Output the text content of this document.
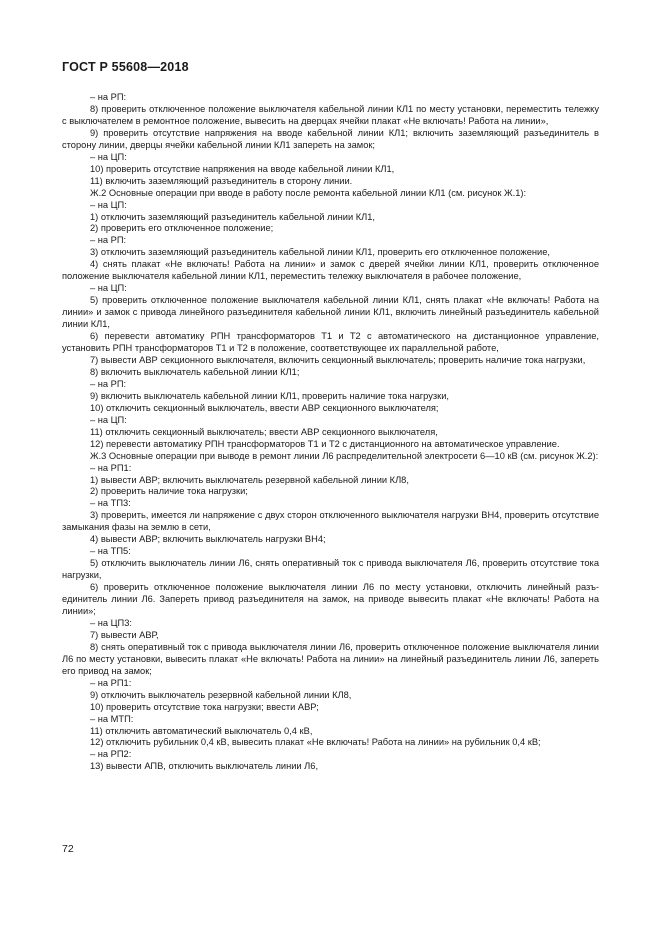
ГОСТ Р 55608—2018

– на РП:

8) проверить отключенное положение выключателя кабельной линии КЛ1 по месту установки, переместить тележку с выключателем в ремонтное положение, вывесить на дверцах ячейки плакат «Не включать! Работа на линии»,

9) проверить отсутствие напряжения на вводе кабельной линии КЛ1; включить заземляющий разъединитель в сторону линии, дверцы ячейки кабельной линии КЛ1 запереть на замок;

– на ЦП:

10) проверить отсутствие напряжения на вводе кабельной линии КЛ1,

11) включить заземляющий разъединитель в сторону линии.

Ж.2 Основные операции при вводе в работу после ремонта кабельной линии КЛ1 (см. рисунок Ж.1):

– на ЦП:

1) отключить заземляющий разъединитель кабельной линии КЛ1,

2) проверить его отключенное положение;

– на РП:

3) отключить заземляющий разъединитель кабельной линии КЛ1, проверить его отключенное положение,

4) снять плакат «Не включать! Работа на линии» и замок с дверей ячейки линии КЛ1, проверить отключенное положение выключателя кабельной линии КЛ1, переместить тележку выключателя в рабочее положение,

– на ЦП:

5) проверить отключенное положение выключателя кабельной линии КЛ1, снять плакат «Не включать! Работа на линии» и замок с привода линейного разъединителя кабельной линии КЛ1, включить линейный разъединитель кабельной линии КЛ1,

6) перевести автоматику РПН трансформаторов Т1 и Т2 с автоматического на дистанционное управление, установить РПН трансформаторов Т1 и Т2 в положение, соответствующее их параллельной работе,

7) вывести АВР секционного выключателя, включить секционный выключатель; проверить наличие тока нагрузки,

8) включить выключатель кабельной линии КЛ1;

– на РП:

9) включить выключатель кабельной линии КЛ1, проверить наличие тока нагрузки,

10) отключить секционный выключатель, ввести АВР секционного выключателя;

– на ЦП:

11) отключить секционный выключатель; ввести АВР секционного выключателя,

12) перевести автоматику РПН трансформаторов Т1 и Т2 с дистанционного на автоматическое управление.

Ж.3 Основные операции при выводе в ремонт линии Л6 распределительной электросети 6—10 кВ (см. рисунок Ж.2):

– на РП1:

1) вывести АВР; включить выключатель резервной кабельной линии КЛ8,

2) проверить наличие тока нагрузки;

– на ТП3:

3) проверить, имеется ли напряжение с двух сторон отключенного выключателя нагрузки ВН4, проверить отсутствие замыкания фазы на землю в сети,

4) вывести АВР; включить выключатель нагрузки ВН4;

– на ТП5:

5) отключить выключатель линии Л6, снять оперативный ток с привода выключателя Л6, проверить отсутствие тока нагрузки,

6) проверить отключенное положение выключателя линии Л6 по месту установки, отключить линейный разъединитель линии Л6. Запереть привод разъединителя на замок, на приводе вывесить плакат «Не включать! Работа на линии»;

– на ЦП3:

7) вывести АВР,

8) снять оперативный ток с привода выключателя линии Л6, проверить отключенное положение выключателя линии Л6 по месту установки, вывесить плакат «Не включать! Работа на линии» на линейный разъединитель линии Л6, запереть его привод на замок;

– на РП1:

9) отключить выключатель резервной кабельной линии КЛ8,

10) проверить отсутствие тока нагрузки; ввести АВР;

– на МТП:

11) отключить автоматический выключатель 0,4 кВ,

12) отключить рубильник 0,4 кВ, вывесить плакат «Не включать! Работа на линии» на рубильник 0,4 кВ;

– на РП2:

13) вывести АПВ, отключить выключатель линии Л6,

72
